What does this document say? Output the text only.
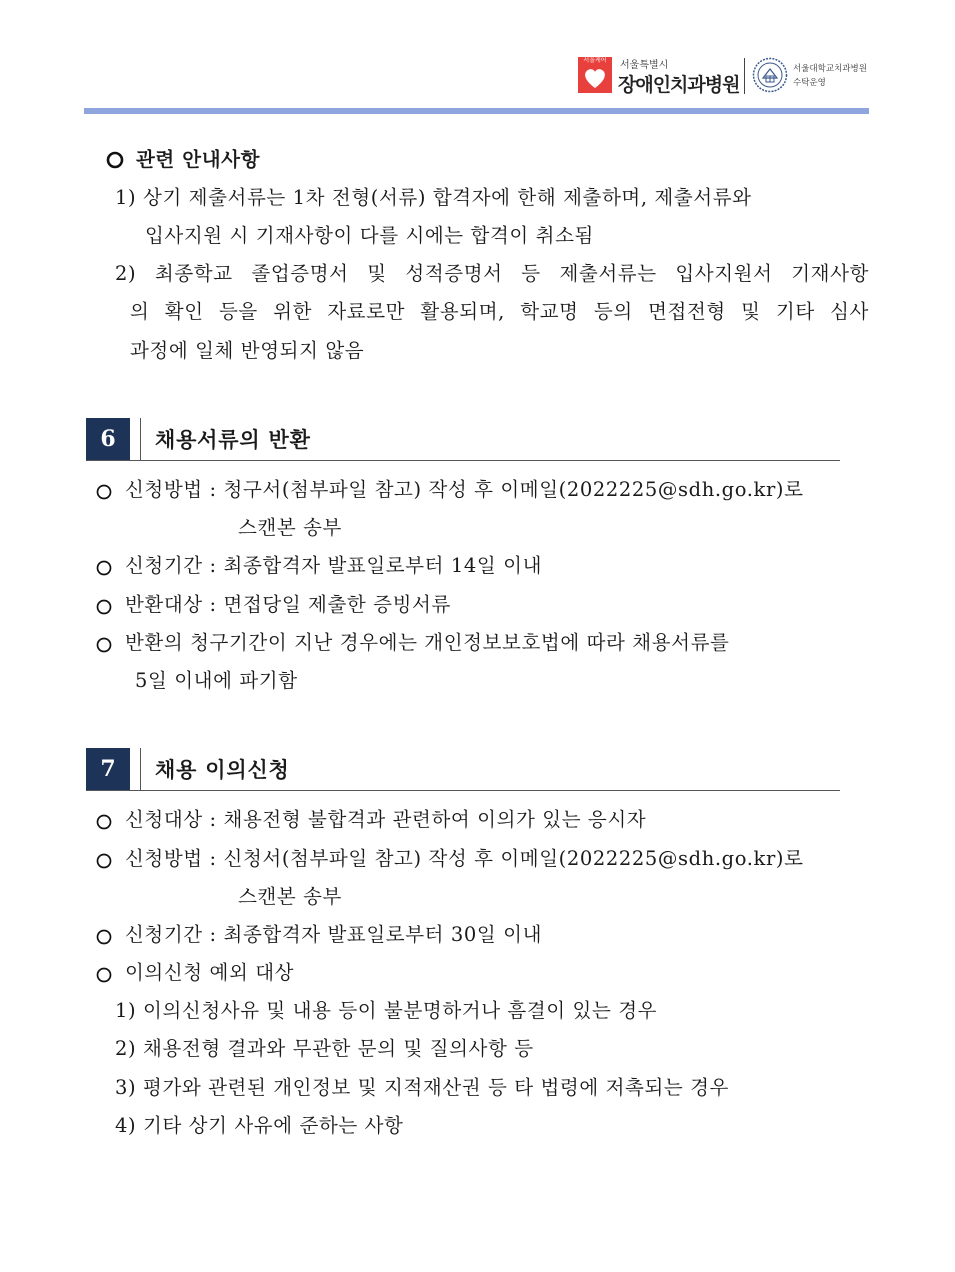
서울케어	서울특별시
장애인치과병원
서울대학교치과병원
수탁운영
관련 안내사항
1) 상기 제출서류는 1차 전형(서류) 합격자에 한해 제출하며, 제출서류와
입사지원 시 기재사항이 다를 시에는 합격이 취소됨
2) 최종학교 졸업증명서 및 성적증명서 등 제출서류는 입사지원서 기재사항
의 확인 등을 위한 자료로만 활용되며, 학교명 등의 면접전형 및 기타 심사
과정에 일체 반영되지 않음
6	채용서류의 반환
신청방법 : 청구서(첨부파일 참고) 작성 후 이메일(2022225@sdh.go.kr)로
스캔본 송부
신청기간 : 최종합격자 발표일로부터 14일 이내
반환대상 : 면접당일 제출한 증빙서류
반환의 청구기간이 지난 경우에는 개인정보보호법에 따라 채용서류를
5일 이내에 파기함
7	채용 이의신청
신청대상 : 채용전형 불합격과 관련하여 이의가 있는 응시자
신청방법 : 신청서(첨부파일 참고) 작성 후 이메일(2022225@sdh.go.kr)로
스캔본 송부
신청기간 : 최종합격자 발표일로부터 30일 이내
이의신청 예외 대상
1) 이의신청사유 및 내용 등이 불분명하거나 흠결이 있는 경우
2) 채용전형 결과와 무관한 문의 및 질의사항 등
3) 평가와 관련된 개인정보 및 지적재산권 등 타 법령에 저촉되는 경우
4) 기타 상기 사유에 준하는 사항
